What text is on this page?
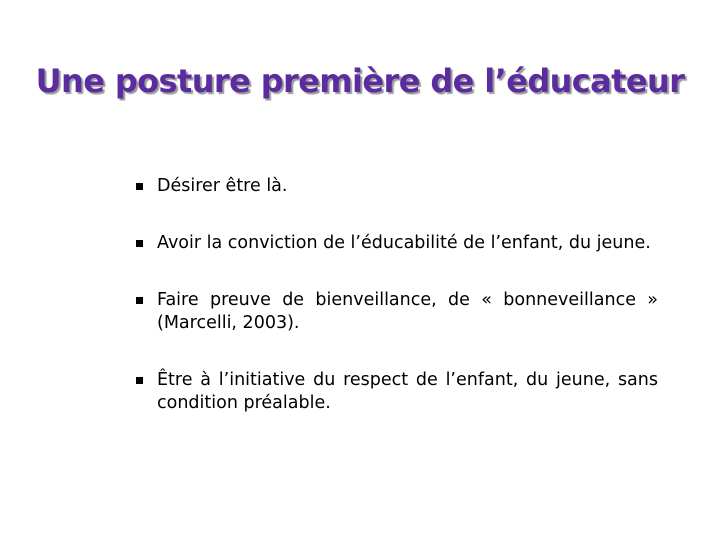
Une posture première de l’éducateur
Désirer être là.
Avoir la conviction de l’éducabilité de l’enfant, du jeune.
Faire preuve de bienveillance, de « bonneveillance » (Marcelli, 2003).
Être à l’initiative du respect de l’enfant, du jeune, sans condition préalable.
